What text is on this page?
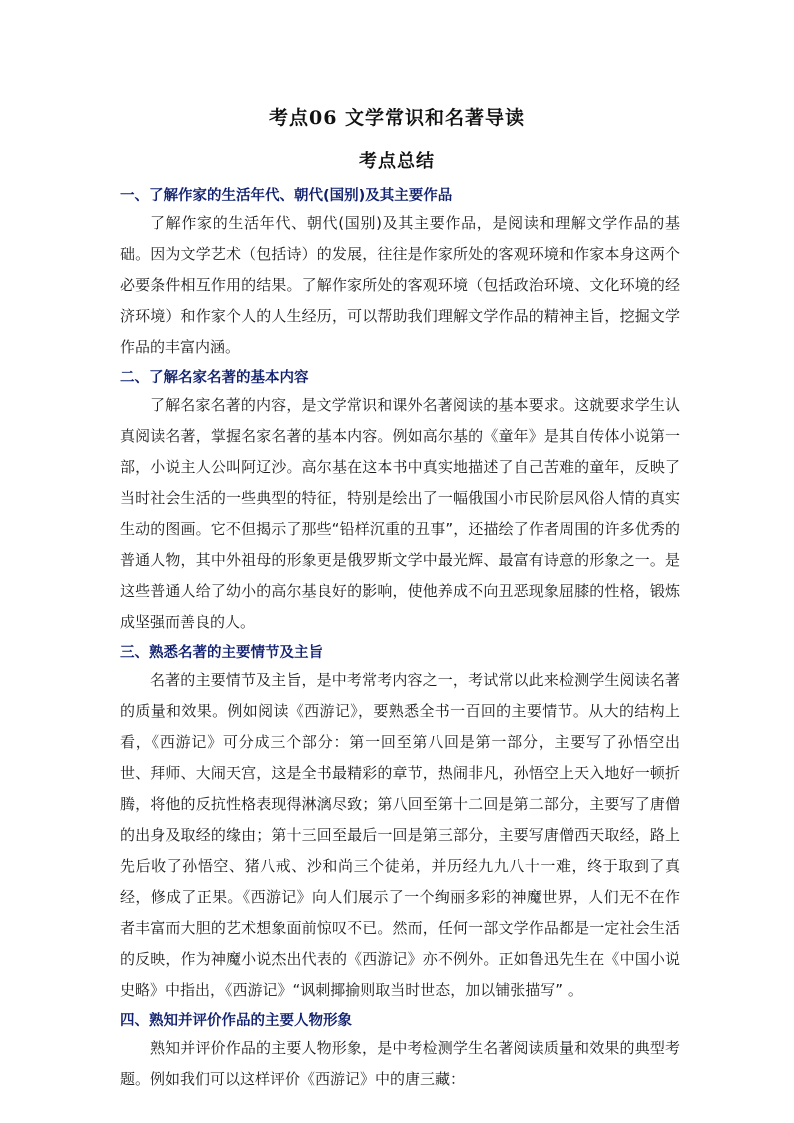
考点06 文学常识和名著导读
考点总结

一、了解作家的生活年代、朝代(国别)及其主要作品

了解作家的生活年代、朝代(国别)及其主要作品，是阅读和理解文学作品的基础。因为文学艺术（包括诗）的发展，往往是作家所处的客观环境和作家本身这两个必要条件相互作用的结果。了解作家所处的客观环境（包括政治环境、文化环境的经济环境）和作家个人的人生经历，可以帮助我们理解文学作品的精神主旨，挖掘文学作品的丰富内涵。

二、了解名家名著的基本内容

了解名家名著的内容，是文学常识和课外名著阅读的基本要求。这就要求学生认真阅读名著，掌握名家名著的基本内容。例如高尔基的《童年》是其自传体小说第一部，小说主人公叫阿辽沙。高尔基在这本书中真实地描述了自己苦难的童年，反映了当时社会生活的一些典型的特征，特别是绘出了一幅俄国小市民阶层风俗人情的真实生动的图画。它不但揭示了那些“铅样沉重的丑事”，还描绘了作者周围的许多优秀的普通人物，其中外祖母的形象更是俄罗斯文学中最光辉、最富有诗意的形象之一。是这些普通人给了幼小的高尔基良好的影响，使他养成不向丑恶现象屈膝的性格，锻炼成坚强而善良的人。

三、熟悉名著的主要情节及主旨

名著的主要情节及主旨，是中考常考内容之一，考试常以此来检测学生阅读名著的质量和效果。例如阅读《西游记》，要熟悉全书一百回的主要情节。从大的结构上看，《西游记》可分成三个部分：第一回至第八回是第一部分，主要写了孙悟空出世、拜师、大闹天宫，这是全书最精彩的章节，热闹非凡，孙悟空上天入地好一顿折腾，将他的反抗性格表现得淋漓尽致；第八回至第十二回是第二部分，主要写了唐僧的出身及取经的缘由；第十三回至最后一回是第三部分，主要写唐僧西天取经，路上先后收了孙悟空、猪八戒、沙和尚三个徒弟，并历经九九八十一难，终于取到了真经，修成了正果。《西游记》向人们展示了一个绚丽多彩的神魔世界，人们无不在作者丰富而大胆的艺术想象面前惊叹不已。然而，任何一部文学作品都是一定社会生活的反映，作为神魔小说杰出代表的《西游记》亦不例外。正如鲁迅先生在《中国小说史略》中指出，《西游记》“讽刺揶揄则取当时世态，加以铺张描写” 。

四、熟知并评价作品的主要人物形象

熟知并评价作品的主要人物形象，是中考检测学生名著阅读质量和效果的典型考题。例如我们可以这样评价《西游记》中的唐三藏：
